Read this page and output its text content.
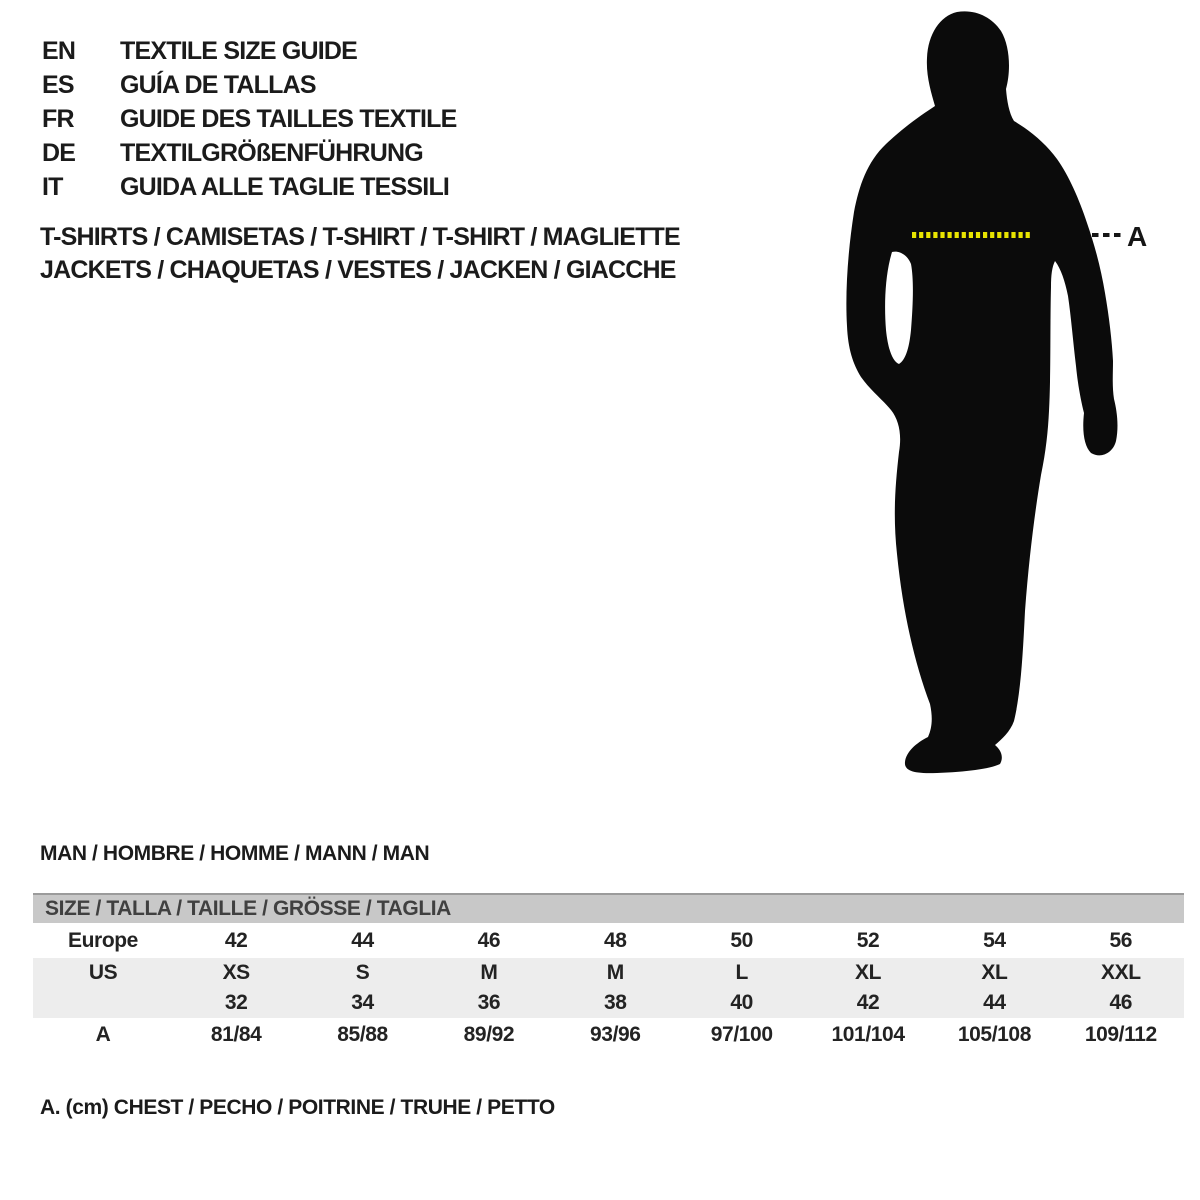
EN	TEXTILE SIZE GUIDE
ES	GUÍA DE TALLAS
FR	GUIDE DES TAILLES TEXTILE
DE	TEXTILGRÖßENFÜHRUNG
IT	GUIDA ALLE TAGLIE TESSILI
T-SHIRTS / CAMISETAS / T-SHIRT / T-SHIRT / MAGLIETTE
JACKETS / CHAQUETAS / VESTES / JACKEN / GIACCHE
A
MAN / HOMBRE / HOMME / MANN / MAN
SIZE / TALLA / TAILLE / GRÖSSE / TAGLIA
Europe	42	44	46	48	50	52	54	56
US	XS	S	M	M	L	XL	XL	XXL
	32	34	36	38	40	42	44	46
A	81/84	85/88	89/92	93/96	97/100	101/104	105/108	109/112
A. (cm) CHEST / PECHO / POITRINE / TRUHE / PETTO
